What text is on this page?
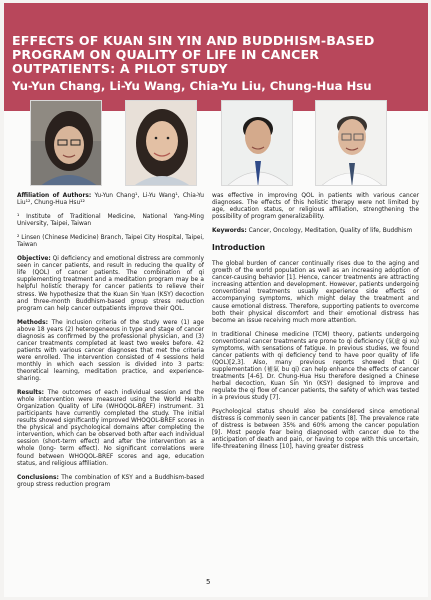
EFFECTS OF KUAN SIN YIN AND BUDDHISM-BASED PROGRAM ON QUALITY OF LIFE IN CANCER OUTPATIENTS: A PILOT STUDY
Yu-Yun Chang, Li-Yu Wang, Chia-Yu Liu, Chung-Hua Hsu

Affiliation of Authors: Yu-Yun Chang¹, Li-Yu Wang¹, Chia-Yu Liu¹², Chung-Hua Hsu¹²

¹ Institute of Traditional Medicine, National Yang-Ming University, Taipei, Taiwan

² Linsen (Chinese Medicine) Branch, Taipei City Hospital, Taipei, Taiwan

Objective: Qi deficiency and emotional distress are commonly seen in cancer patients, and result in reducing the quality of life (QOL) of cancer patients. The combination of qi supplementing treatment and a meditation program may be a helpful holistic therapy for cancer patients to relieve their stress. We hypothesize that the Kuan Sin Yuan (KSY) decoction and three-month Buddhism-based group stress reduction program can help cancer outpatients improve their QOL.

Methods: The inclusion criteria of the study were (1) age above 18 years (2) heterogeneous in type and stage of cancer diagnosis as confirmed by the professional physician, and (3) cancer treatments completed at least two weeks before. 42 patients with various cancer diagnoses that met the criteria were enrolled. The intervention consisted of 4 sessions held monthly in which each session is divided into 3 parts: theoretical learning, meditation practice, and experience-sharing.

Results: The outcomes of each individual session and the whole intervention were measured using the World Health Organization Quality of Life (WHOQOL-BREF) instrument. 31 participants have currently completed the study. The initial results showed significantly improved WHOQOL-BREF scores in the physical and psychological domains after completing the intervention, which can be observed both after each individual session (short-term effect) and after the intervention as a whole (long- term effect). No significant correlations were found between WHOQOL-BREF scores and age, education status, and religious affiliation.

Conclusions: The combination of KSY and a Buddhism-based group stress reduction program

was effective in improving QOL in patients with various cancer diagnoses. The effects of this holistic therapy were not limited by age, education status, or religious affiliation, strengthening the possibility of program generalizability.

Keywords: Cancer, Oncology, Meditation, Quality of life, Buddhism

Introduction

The global burden of cancer continually rises due to the aging and growth of the world population as well as an increasing adoption of cancer-causing behavior [1]. Hence, cancer treatments are attracting increasing attention and development. However, patients undergoing conventional treatments usually experience side effects or accompanying symptoms, which might delay the treatment and cause emotional distress. Therefore, supporting patients to overcome both their physical discomfort and their emotional distress has become an issue receiving much more attention.

In traditional Chinese medicine (TCM) theory, patients undergoing conventional cancer treatments are prone to qi deficiency (氣虛 qi xu) symptoms, with sensations of fatigue. In previous studies, we found cancer patients with qi deficiency tend to have poor quality of life (QOL)[2,3]. Also, many previous reports showed that Qi supplementation (補氣 bu qi) can help enhance the effects of cancer treatments [4-6]. Dr. Chung-Hua Hsu therefore designed a Chinese herbal decoction, Kuan Sin Yin (KSY) designed to improve and regulate the qi flow of cancer patients, the safety of which was tested in a previous study [7].

Psychological status should also be considered since emotional distress is commonly seen in cancer patients [8]. The prevalence rate of distress is between 35% and 60% among the cancer population [9]. Most people fear being diagnosed with cancer due to the anticipation of death and pain, or having to cope with this uncertain, life-threatening illness [10], having greater distress

5
